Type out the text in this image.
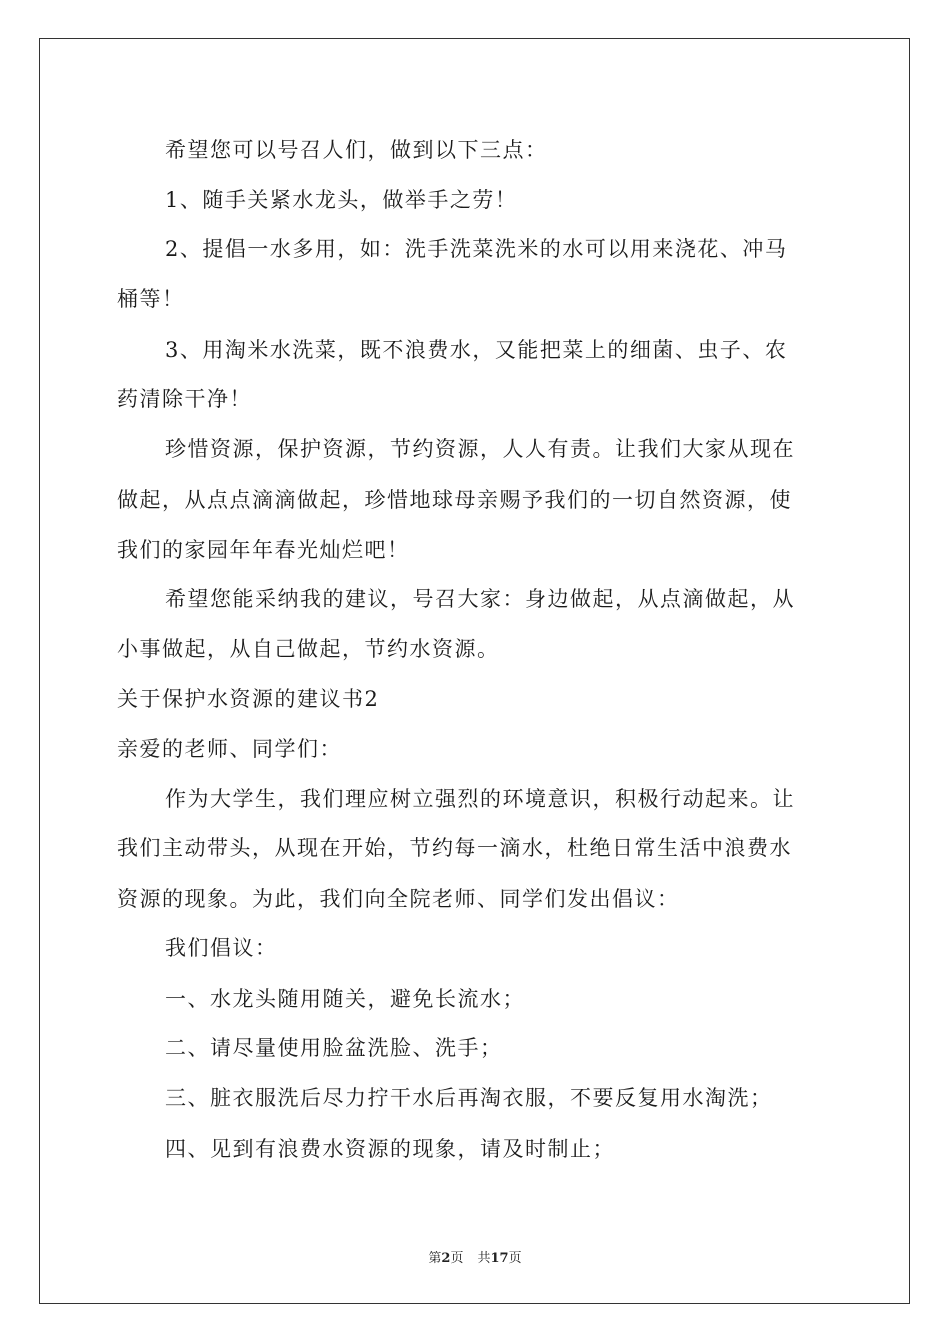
希望您可以号召人们，做到以下三点：
1、随手关紧水龙头，做举手之劳！
2、提倡一水多用，如：洗手洗菜洗米的水可以用来浇花、冲马
桶等！
3、用淘米水洗菜，既不浪费水，又能把菜上的细菌、虫子、农
药清除干净！
珍惜资源，保护资源，节约资源，人人有责。让我们大家从现在
做起，从点点滴滴做起，珍惜地球母亲赐予我们的一切自然资源，使
我们的家园年年春光灿烂吧！
希望您能采纳我的建议，号召大家：身边做起，从点滴做起，从
小事做起，从自己做起，节约水资源。
关于保护水资源的建议书2
亲爱的老师、同学们：
作为大学生，我们理应树立强烈的环境意识，积极行动起来。让
我们主动带头，从现在开始，节约每一滴水，杜绝日常生活中浪费水
资源的现象。为此，我们向全院老师、同学们发出倡议：
我们倡议：
一、水龙头随用随关，避免长流水；
二、请尽量使用脸盆洗脸、洗手；
三、脏衣服洗后尽力拧干水后再淘衣服，不要反复用水淘洗；
四、见到有浪费水资源的现象，请及时制止；
第2页 共17页
